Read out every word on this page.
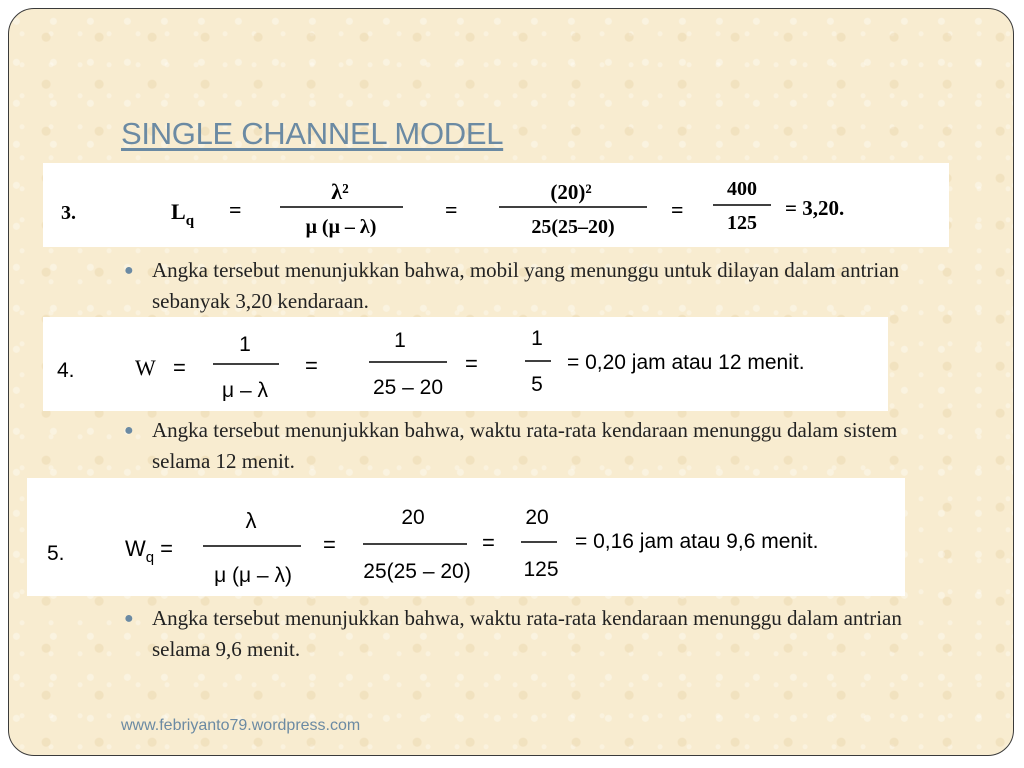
SINGLE CHANNEL MODEL
3.	$L_q$ =
λ²
μ (μ – λ)
=
(20)²
25(25–20)
=
400
125
= 3,20.
● Angka tersebut menunjukkan bahwa, mobil yang menunggu untuk dilayan dalam antrian sebanyak 3,20 kendaraan.
4.	W =
1
μ – λ
=
1
25 – 20
=
1
5
= 0,20 jam atau 12 menit.
● Angka tersebut menunjukkan bahwa, waktu rata-rata kendaraan menunggu dalam sistem selama 12 menit.
5.	$W_q$ =
λ
μ (μ – λ)
=
20
25(25 – 20)
=
20
125
= 0,16 jam atau 9,6 menit.
● Angka tersebut menunjukkan bahwa, waktu rata-rata kendaraan menunggu dalam antrian selama 9,6 menit.
www.febriyanto79.wordpress.com
